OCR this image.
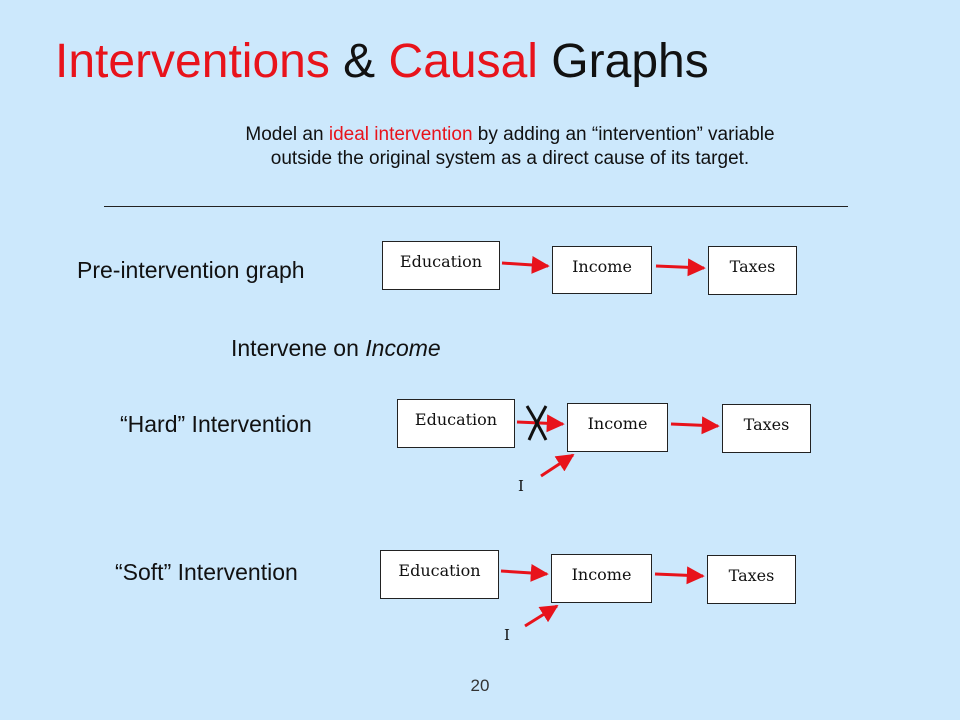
Interventions & Causal Graphs
Model an ideal intervention by adding an “intervention” variable
outside the original system as a direct cause of its target.
Pre-intervention graph
Intervene on Income
“Hard” Intervention
“Soft” Intervention
Education	Income	Taxes
Education	Income	Taxes
I
Education	Income	Taxes
I
20
